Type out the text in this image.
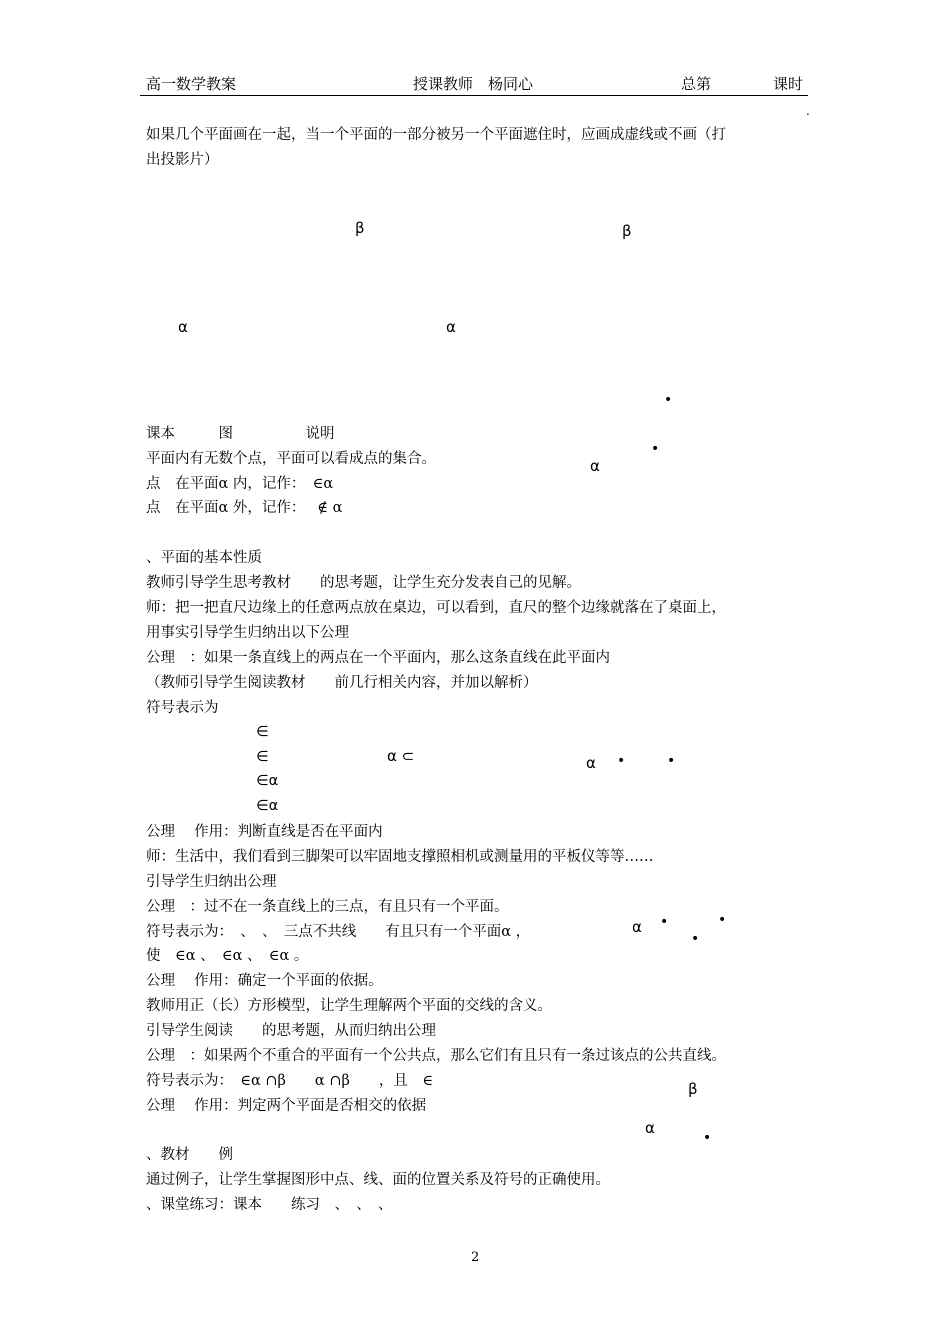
高一数学教案	授课教师　杨同心	总第	课时
.
如果几个平面画在一起，当一个平面的一部分被另一个平面遮住时，应画成虚线或不画（打
出投影片）
β	β
α	α
•
•
α
课本　　　图　　　　　说明
平面内有无数个点，平面可以看成点的集合。
点　在平面α 内，记作：　∈α
点　在平面α 外，记作：　 ∉ α
、平面的基本性质
教师引导学生思考教材　　的思考题，让学生充分发表自己的见解。
师：把一把直尺边缘上的任意两点放在桌边，可以看到，直尺的整个边缘就落在了桌面上，
用事实引导学生归纳出以下公理
公理　：如果一条直线上的两点在一个平面内，那么这条直线在此平面内
（教师引导学生阅读教材　　前几行相关内容，并加以解析）
符号表示为
∈
∈
∈α
∈α
α ⊂	α •	•
公理　 作用：判断直线是否在平面内
师：生活中，我们看到三脚架可以牢固地支撑照相机或测量用的平板仪等等……
引导学生归纳出公理
公理　：过不在一条直线上的三点，有且只有一个平面。
符号表示为：　、　、　三点不共线　　有且只有一个平面α ，
使　∈α 、　∈α 、　∈α 。
α •	•
•
公理　 作用：确定一个平面的依据。
教师用正（长）方形模型，让学生理解两个平面的交线的含义。
引导学生阅读　　的思考题，从而归纳出公理
公理　：如果两个不重合的平面有一个公共点，那么它们有且只有一条过该点的公共直线。
符号表示为：　∈α ∩β　　α ∩β　　，且　∈
公理　 作用：判定两个平面是否相交的依据
β
α
•
、教材　　例
通过例子，让学生掌握图形中点、线、面的位置关系及符号的正确使用。
、课堂练习：课本　　练习　、　、　、
2
